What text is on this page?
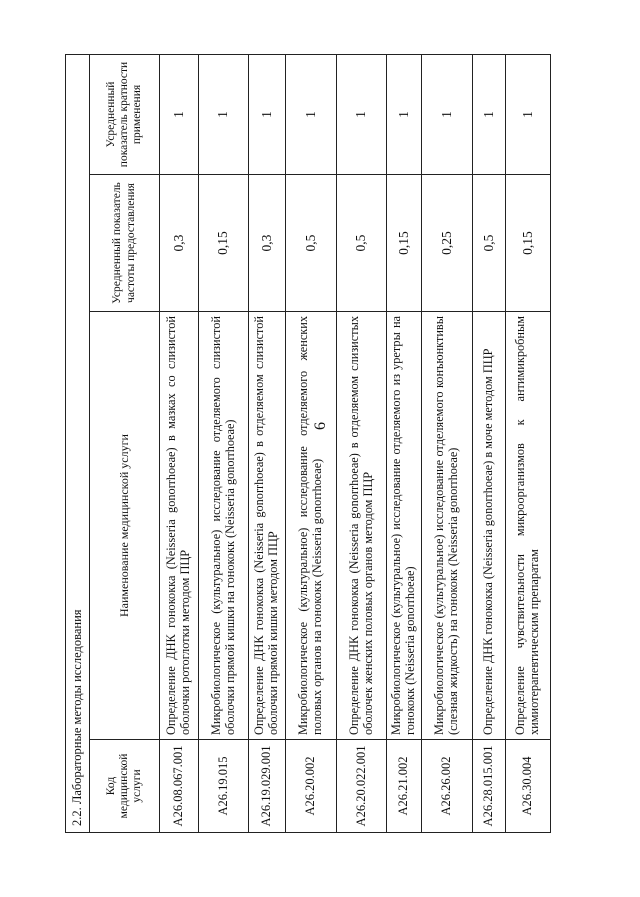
6
2.2. Лабораторные методы исследования			
Код медицинской услуги	Наименование медицинской услуги	Усредненный показатель частоты предоставления	Усредненный показатель кратности применения
A26.08.067.001	Определение ДНК гонококка (Neisseria gonorrhoeae) в мазках со слизистой оболочки ротоглотки методом ПЦР	0,3	1
A26.19.015	Микробиологическое (культуральное) исследование отделяемого слизистой оболочки прямой кишки на гонококк (Neisseria gonorrhoeae)	0,15	1
A26.19.029.001	Определение ДНК гонококка (Neisseria gonorrhoeae) в отделяемом слизистой оболочки прямой кишки методом ПЦР	0,3	1
A26.20.002	Микробиологическое (культуральное) исследование отделяемого женских половых органов на гонококк (Neisseria gonorrhoeae)	0,5	1
A26.20.022.001	Определение ДНК гонококка (Neisseria gonorrhoeae) в отделяемом слизистых оболочек женских половых органов методом ПЦР	0,5	1
A26.21.002	Микробиологическое (культуральное) исследование отделяемого из уретры на гонококк (Neisseria gonorrhoeae)	0,15	1
A26.26.002	Микробиологическое (культуральное) исследование отделяемого конъюнктивы (слезная жидкость) на гонококк (Neisseria gonorrhoeae)	0,25	1
A26.28.015.001	Определение ДНК гонококка (Neisseria gonorrhoeae) в моче методом ПЦР	0,5	1
A26.30.004	Определение чувствительности микроорганизмов к антимикробным химиотерапевтическим препаратам	0,15	1
